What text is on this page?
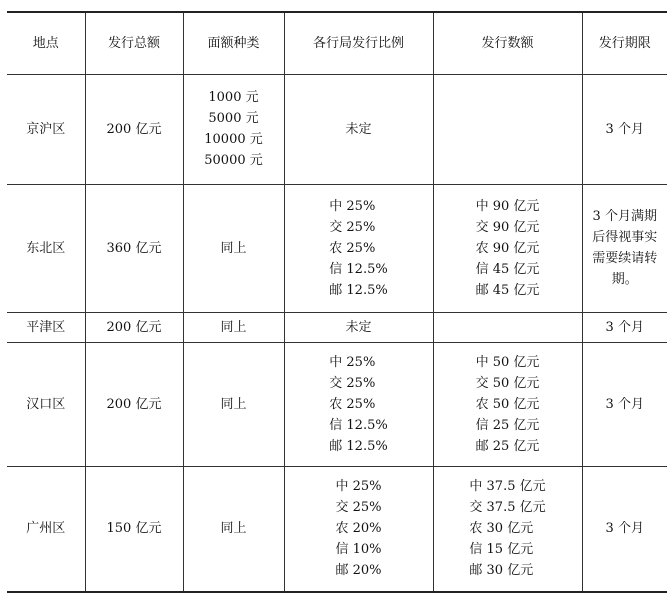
地点	发行总额	面额种类	各行局发行比例	发行数额	发行期限
京沪区	200 亿元	1000 元
5000 元
10000 元
50000 元	未定		3 个月
东北区	360 亿元	同上	中 25%
交 25%
农 25%
信 12.5%
邮 12.5%	中 90 亿元
交 90 亿元
农 90 亿元
信 45 亿元
邮 45 亿元	3 个月满期后得视事实需要续请转期。
平津区	200 亿元	同上	未定		3 个月
汉口区	200 亿元	同上	中 25%
交 25%
农 25%
信 12.5%
邮 12.5%	中 50 亿元
交 50 亿元
农 50 亿元
信 25 亿元
邮 25 亿元	3 个月
广州区	150 亿元	同上	中 25%
交 25%
农 20%
信 10%
邮 20%	中 37.5 亿元
交 37.5 亿元
农 30 亿元
信 15 亿元
邮 30 亿元	3 个月
